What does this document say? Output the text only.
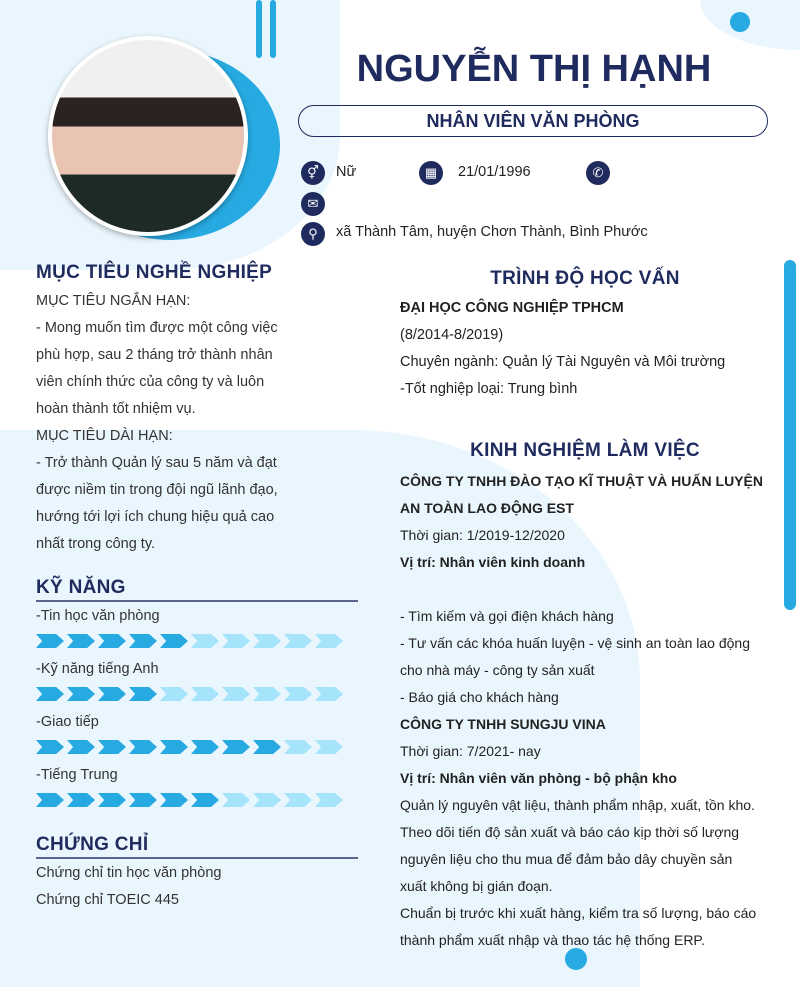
NGUYỄN THỊ HẠNH
NHÂN VIÊN VĂN PHÒNG
⚥	Nữ	▦	21/01/1996	✆
✉
⚲	xã Thành Tâm, huyện Chơn Thành, Bình Phước
MỤC TIÊU NGHỀ NGHIỆP
MỤC TIÊU NGẮN HẠN:
- Mong muốn tìm được một công việc
phù hợp, sau 2 tháng trở thành nhân
viên chính thức của công ty và luôn
hoàn thành tốt nhiệm vụ.
MỤC TIÊU DÀI HẠN:
- Trở thành Quản lý sau 5 năm và đạt
được niềm tin trong đội ngũ lãnh đạo,
hướng tới lợi ích chung hiệu quả cao
nhất trong công ty.
KỸ NĂNG
-Tin học văn phòng
-Kỹ năng tiếng Anh
-Giao tiếp
-Tiếng Trung
CHỨNG CHỈ
Chứng chỉ tin học văn phòng
Chứng chỉ TOEIC 445
TRÌNH ĐỘ HỌC VẤN
ĐẠI HỌC CÔNG NGHIỆP TPHCM
(8/2014-8/2019)
Chuyên ngành: Quản lý Tài Nguyên và Môi trường
-Tốt nghiệp loại: Trung bình
KINH NGHIỆM LÀM VIỆC
CÔNG TY TNHH ĐÀO TẠO KĨ THUẬT VÀ HUẤN LUYỆN
AN TOÀN LAO ĐỘNG EST
Thời gian: 1/2019-12/2020
Vị trí: Nhân viên kinh doanh

- Tìm kiếm và gọi điện khách hàng
- Tư vấn các khóa huấn luyện - vệ sinh an toàn lao động
cho nhà máy - công ty sản xuất
- Báo giá cho khách hàng
CÔNG TY TNHH SUNGJU VINA
Thời gian: 7/2021- nay
Vị trí: Nhân viên văn phòng - bộ phận kho
Quản lý nguyên vật liệu, thành phẩm nhập, xuất, tồn kho.
Theo dõi tiến độ sản xuất và báo cáo kịp thời số lượng
nguyên liệu cho thu mua để đảm bảo dây chuyền sản
xuất không bị gián đoạn.
Chuẩn bị trước khi xuất hàng, kiểm tra số lượng, báo cáo
thành phẩm xuất nhập và thao tác hệ thống ERP.
